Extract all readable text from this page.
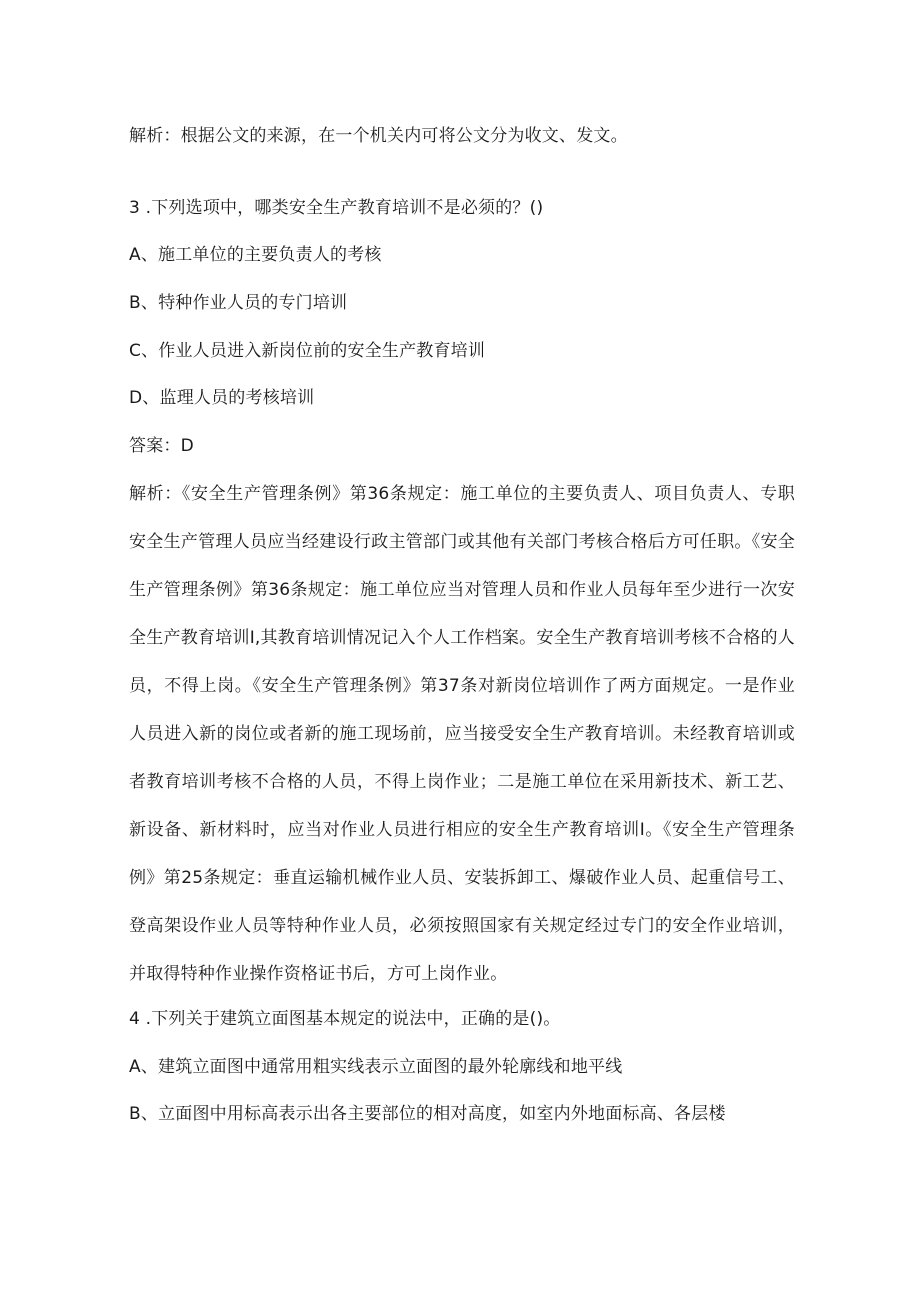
解析：根据公文的来源，在一个机关内可将公文分为收文、发文。
3 .下列选项中，哪类安全生产教育培训不是必须的？()
A、施工单位的主要负责人的考核
B、特种作业人员的专门培训
C、作业人员进入新岗位前的安全生产教育培训
D、监理人员的考核培训
答案：D
解析：《安全生产管理条例》第36条规定：施工单位的主要负责人、项目负责人、专职安全生产管理人员应当经建设行政主管部门或其他有关部门考核合格后方可任职。《安全生产管理条例》第36条规定：施工单位应当对管理人员和作业人员每年至少进行一次安全生产教育培训I,其教育培训情况记入个人工作档案。安全生产教育培训考核不合格的人员，不得上岗。《安全生产管理条例》第37条对新岗位培训作了两方面规定。一是作业人员进入新的岗位或者新的施工现场前，应当接受安全生产教育培训。未经教育培训或者教育培训考核不合格的人员，不得上岗作业；二是施工单位在采用新技术、新工艺、新设备、新材料时，应当对作业人员进行相应的安全生产教育培训I。《安全生产管理条例》第25条规定：垂直运输机械作业人员、安装拆卸工、爆破作业人员、起重信号工、登高架设作业人员等特种作业人员，必须按照国家有关规定经过专门的安全作业培训，并取得特种作业操作资格证书后，方可上岗作业。
4 .下列关于建筑立面图基本规定的说法中，正确的是()。
A、建筑立面图中通常用粗实线表示立面图的最外轮廓线和地平线
B、立面图中用标高表示出各主要部位的相对高度，如室内外地面标高、各层楼
